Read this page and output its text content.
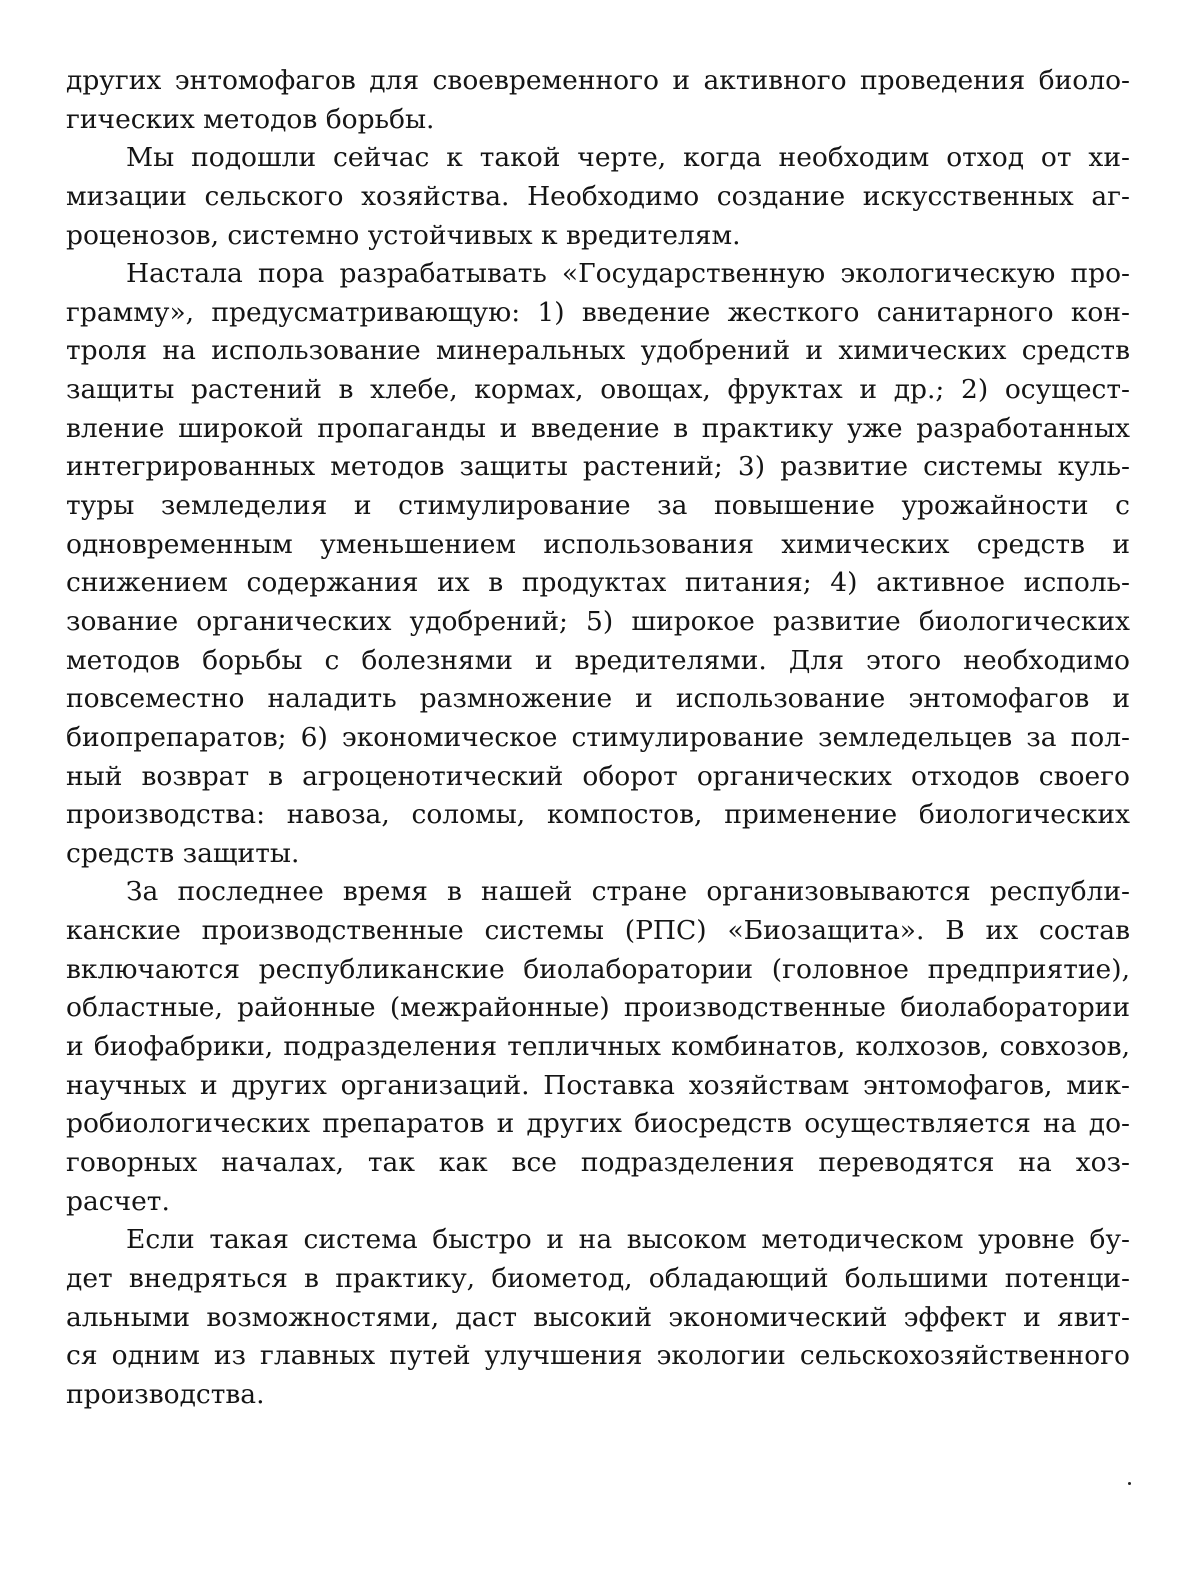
других энтомофагов для своевременного и активного проведения биоло-
гических методов борьбы.
Мы подошли сейчас к такой черте, когда необходим отход от хи-
мизации сельского хозяйства. Необходимо создание искусственных аг-
роценозов, системно устойчивых к вредителям.
Настала пора разрабатывать «Государственную экологическую про-
грамму», предусматривающую: 1) введение жесткого санитарного кон-
троля на использование минеральных удобрений и химических средств
защиты растений в хлебе, кормах, овощах, фруктах и др.; 2) осущест-
вление широкой пропаганды и введение в практику уже разработанных
интегрированных методов защиты растений; 3) развитие системы куль-
туры земледелия и стимулирование за повышение урожайности с
одновременным уменьшением использования химических средств и
снижением содержания их в продуктах питания; 4) активное исполь-
зование органических удобрений; 5) широкое развитие биологических
методов борьбы с болезнями и вредителями. Для этого необходимо
повсеместно наладить размножение и использование энтомофагов и
биопрепаратов; 6) экономическое стимулирование земледельцев за пол-
ный возврат в агроценотический оборот органических отходов своего
производства: навоза, соломы, компостов, применение биологических
средств защиты.
За последнее время в нашей стране организовываются республи-
канские производственные системы (РПС) «Биозащита». В их состав
включаются республиканские биолаборатории (головное предприятие),
областные, районные (межрайонные) производственные биолаборатории
и биофабрики, подразделения тепличных комбинатов, колхозов, совхозов,
научных и других организаций. Поставка хозяйствам энтомофагов, мик-
робиологических препаратов и других биосредств осуществляется на до-
говорных началах, так как все подразделения переводятся на хоз-
расчет.
Если такая система быстро и на высоком методическом уровне бу-
дет внедряться в практику, биометод, обладающий большими потенци-
альными возможностями, даст высокий экономический эффект и явит-
ся одним из главных путей улучшения экологии сельскохозяйственного
производства.
